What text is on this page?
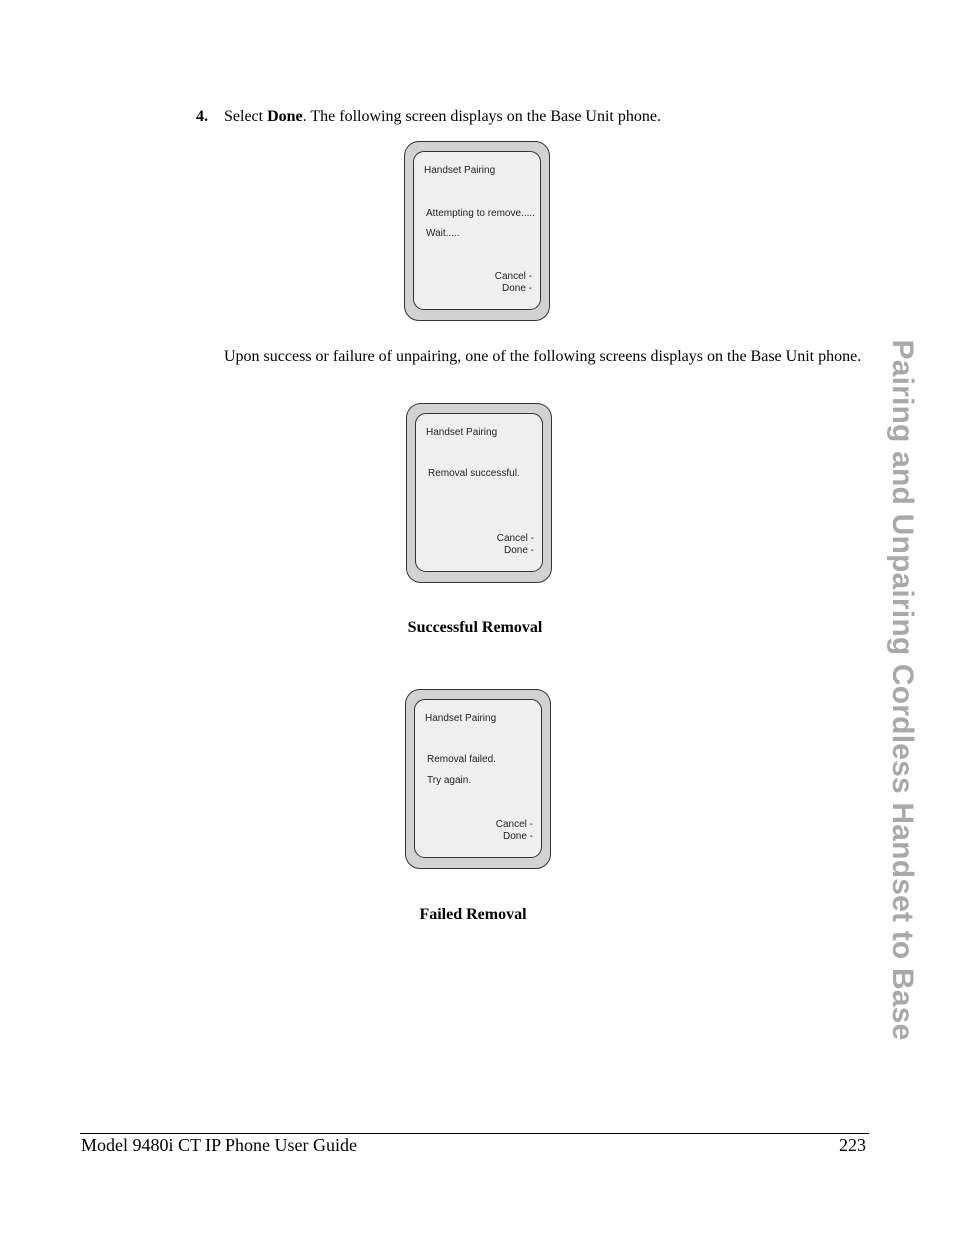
4. Select Done. The following screen displays on the Base Unit phone.
Handset Pairing
Attempting to remove.....
Wait.....
Cancel -
Done -
Upon success or failure of unpairing, one of the following screens displays on the Base Unit phone.
Handset Pairing
Removal successful.
Cancel -
Done -
Successful Removal
Handset Pairing
Removal failed.
Try again.
Cancel -
Done -
Failed Removal	Pairing and Unpairing Cordless Handset to Base
Model 9480i CT IP Phone User Guide	223
